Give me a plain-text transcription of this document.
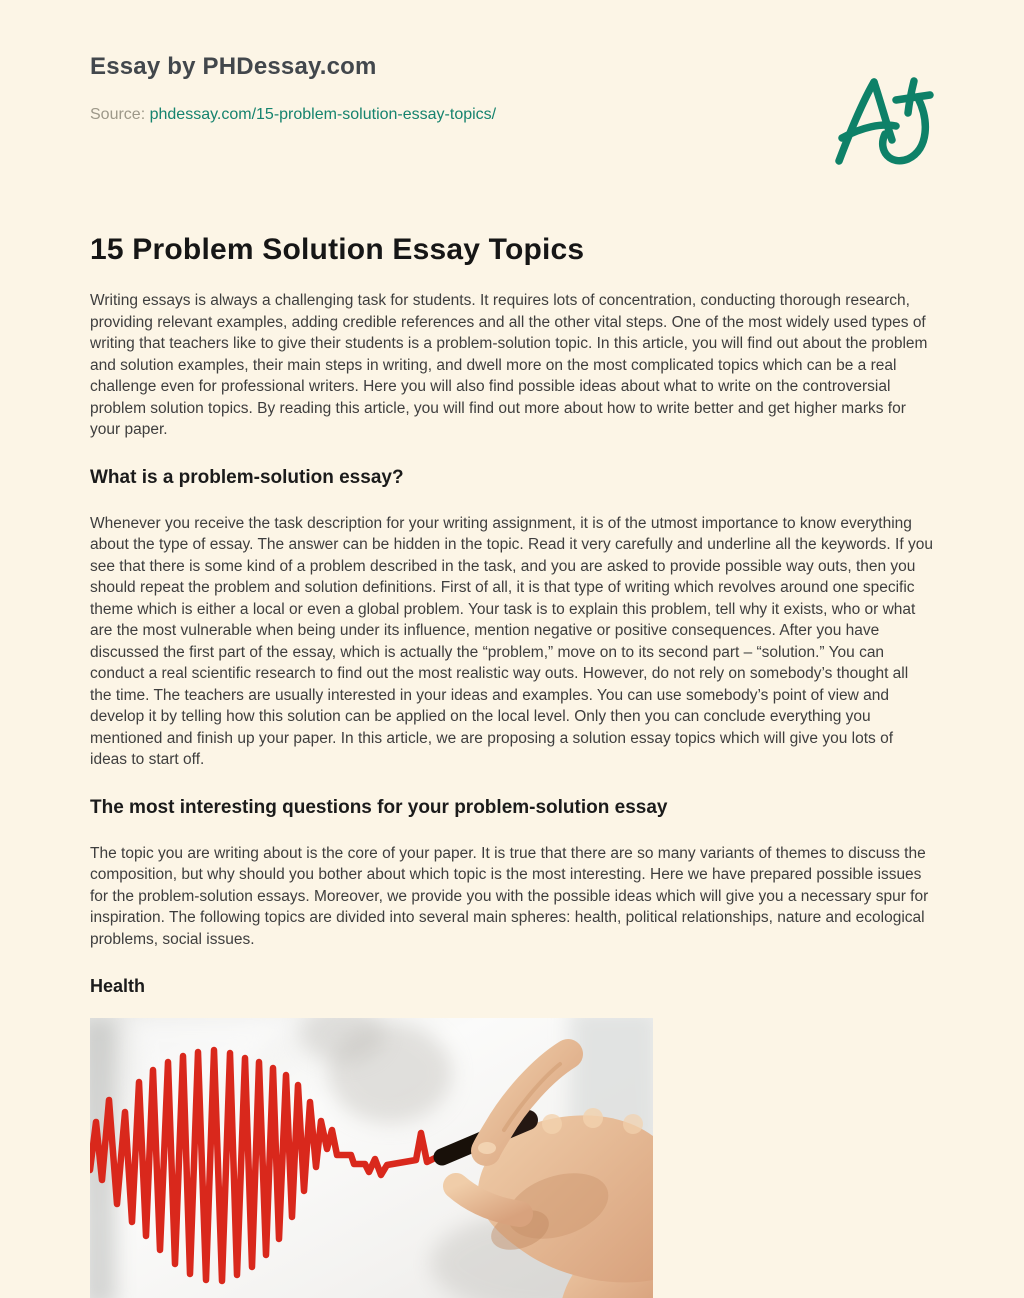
Essay by PHDessay.com

Source: phdessay.com/15-problem-solution-essay-topics/

15 Problem Solution Essay Topics

Writing essays is always a challenging task for students. It requires lots of concentration, conducting thorough research, providing relevant examples, adding credible references and all the other vital steps. One of the most widely used types of writing that teachers like to give their students is a problem-solution topic. In this article, you will find out about the problem and solution examples, their main steps in writing, and dwell more on the most complicated topics which can be a real challenge even for professional writers. Here you will also find possible ideas about what to write on the controversial problem solution topics. By reading this article, you will find out more about how to write better and get higher marks for your paper.

What is a problem-solution essay?

Whenever you receive the task description for your writing assignment, it is of the utmost importance to know everything about the type of essay. The answer can be hidden in the topic. Read it very carefully and underline all the keywords. If you see that there is some kind of a problem described in the task, and you are asked to provide possible way outs, then you should repeat the problem and solution definitions. First of all, it is that type of writing which revolves around one specific theme which is either a local or even a global problem. Your task is to explain this problem, tell why it exists, who or what are the most vulnerable when being under its influence, mention negative or positive consequences. After you have discussed the first part of the essay, which is actually the “problem,” move on to its second part – “solution.” You can conduct a real scientific research to find out the most realistic way outs. However, do not rely on somebody’s thought all the time. The teachers are usually interested in your ideas and examples. You can use somebody’s point of view and develop it by telling how this solution can be applied on the local level. Only then you can conclude everything you mentioned and finish up your paper. In this article, we are proposing a solution essay topics which will give you lots of ideas to start off.

The most interesting questions for your problem-solution essay

The topic you are writing about is the core of your paper. It is true that there are so many variants of themes to discuss the composition, but why should you bother about which topic is the most interesting. Here we have prepared possible issues for the problem-solution essays. Moreover, we provide you with the possible ideas which will give you a necessary spur for inspiration. The following topics are divided into several main spheres: health, political relationships, nature and ecological problems, social issues.

Health
